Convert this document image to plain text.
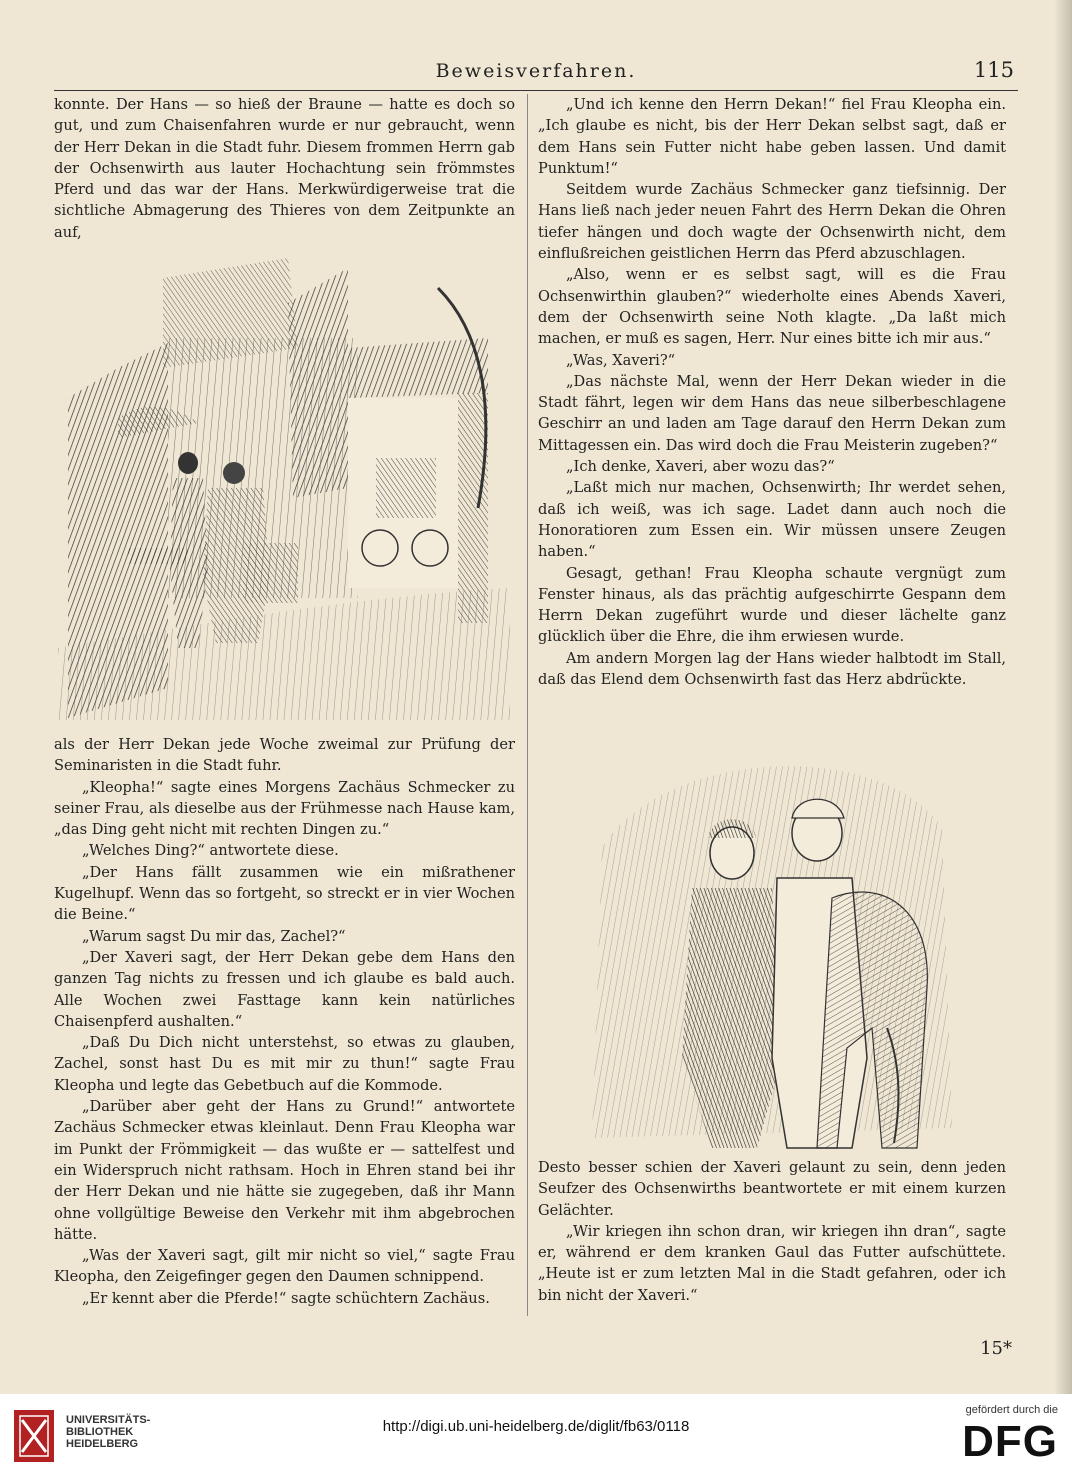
Beweisverfahren.	115

konnte. Der Hans — so hieß der Braune — hatte es doch so gut, und zum Chaisenfahren wurde er nur gebraucht, wenn der Herr Dekan in die Stadt fuhr. Diesem frommen Herrn gab der Ochsenwirth aus lauter Hochachtung sein frömmstes Pferd und das war der Hans. Merkwürdigerweise trat die sichtliche Abmagerung des Thieres von dem Zeitpunkte an auf,

als der Herr Dekan jede Woche zweimal zur Prüfung der Seminaristen in die Stadt fuhr.

„Kleopha!“ sagte eines Morgens Zachäus Schmecker zu seiner Frau, als dieselbe aus der Frühmesse nach Hause kam, „das Ding geht nicht mit rechten Dingen zu.“

„Welches Ding?“ antwortete diese.

„Der Hans fällt zusammen wie ein mißrathener Kugelhupf. Wenn das so fortgeht, so streckt er in vier Wochen die Beine.“

„Warum sagst Du mir das, Zachel?“

„Der Xaveri sagt, der Herr Dekan gebe dem Hans den ganzen Tag nichts zu fressen und ich glaube es bald auch. Alle Wochen zwei Fasttage kann kein natürliches Chaisenpferd aushalten.“

„Daß Du Dich nicht unterstehst, so etwas zu glauben, Zachel, sonst hast Du es mit mir zu thun!“ sagte Frau Kleopha und legte das Gebetbuch auf die Kommode.

„Darüber aber geht der Hans zu Grund!“ antwortete Zachäus Schmecker etwas kleinlaut. Denn Frau Kleopha war im Punkt der Frömmigkeit — das wußte er — sattelfest und ein Widerspruch nicht rathsam. Hoch in Ehren stand bei ihr der Herr Dekan und nie hätte sie zugegeben, daß ihr Mann ohne vollgültige Beweise den Verkehr mit ihm abgebrochen hätte.

„Was der Xaveri sagt, gilt mir nicht so viel,“ sagte Frau Kleopha, den Zeigefinger gegen den Daumen schnippend.

„Er kennt aber die Pferde!“ sagte schüchtern Zachäus.

„Und ich kenne den Herrn Dekan!“ fiel Frau Kleopha ein. „Ich glaube es nicht, bis der Herr Dekan selbst sagt, daß er dem Hans sein Futter nicht habe geben lassen. Und damit Punktum!“

Seitdem wurde Zachäus Schmecker ganz tiefsinnig. Der Hans ließ nach jeder neuen Fahrt des Herrn Dekan die Ohren tiefer hängen und doch wagte der Ochsenwirth nicht, dem einflußreichen geistlichen Herrn das Pferd abzuschlagen.

„Also, wenn er es selbst sagt, will es die Frau Ochsenwirthin glauben?“ wiederholte eines Abends Xaveri, dem der Ochsenwirth seine Noth klagte. „Da laßt mich machen, er muß es sagen, Herr. Nur eines bitte ich mir aus.“

„Was, Xaveri?“

„Das nächste Mal, wenn der Herr Dekan wieder in die Stadt fährt, legen wir dem Hans das neue silberbeschlagene Geschirr an und laden am Tage darauf den Herrn Dekan zum Mittagessen ein. Das wird doch die Frau Meisterin zugeben?“

„Ich denke, Xaveri, aber wozu das?“

„Laßt mich nur machen, Ochsenwirth; Ihr werdet sehen, daß ich weiß, was ich sage. Ladet dann auch noch die Honoratioren zum Essen ein. Wir müssen unsere Zeugen haben.“

Gesagt, gethan! Frau Kleopha schaute vergnügt zum Fenster hinaus, als das prächtig aufgeschirrte Gespann dem Herrn Dekan zugeführt wurde und dieser lächelte ganz glücklich über die Ehre, die ihm erwiesen wurde.

Am andern Morgen lag der Hans wieder halbtodt im Stall, daß das Elend dem Ochsenwirth fast das Herz abdrückte.

Desto besser schien der Xaveri gelaunt zu sein, denn jeden Seufzer des Ochsenwirths beantwortete er mit einem kurzen Gelächter.

„Wir kriegen ihn schon dran, wir kriegen ihn dran“, sagte er, während er dem kranken Gaul das Futter aufschüttete. „Heute ist er zum letzten Mal in die Stadt gefahren, oder ich bin nicht der Xaveri.“

15*
UNIVERSITÄTS-
BIBLIOTHEK
HEIDELBERG
http://digi.ub.uni-heidelberg.de/diglit/fb63/0118
gefördert durch die
DFG
